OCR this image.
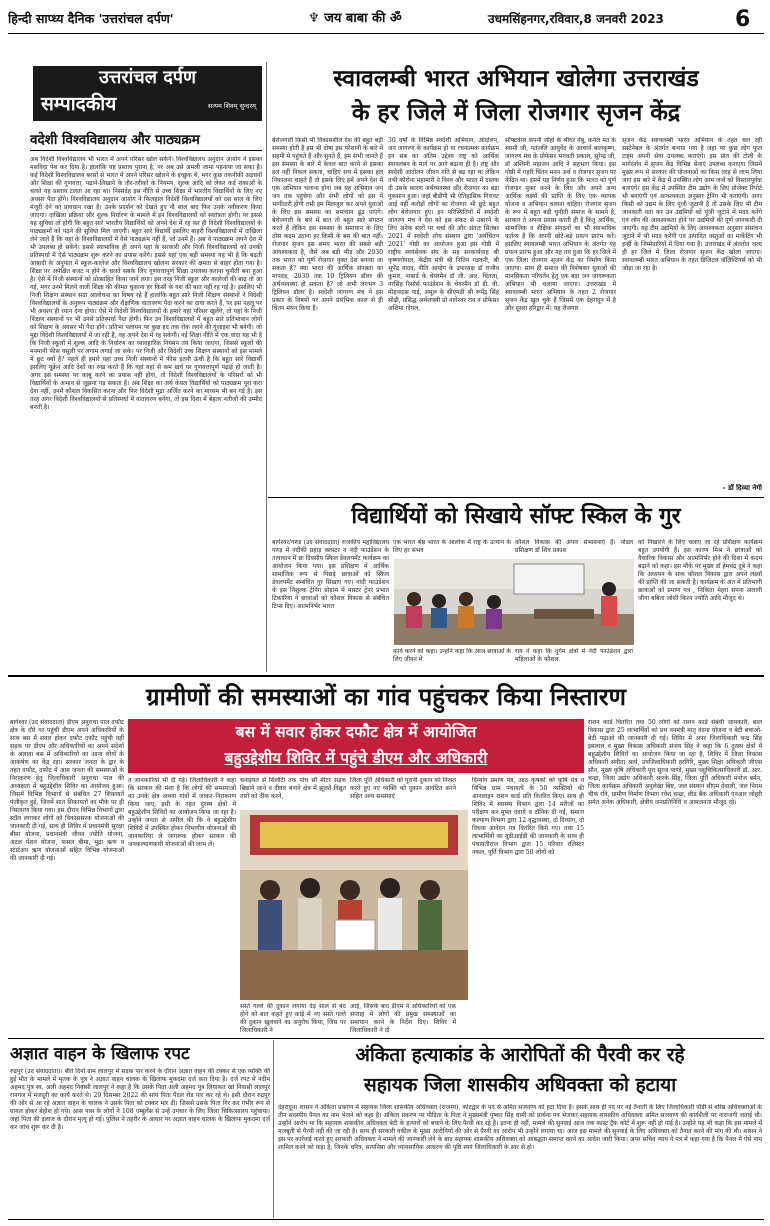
हिन्दी साप्ध्य दैनिक 'उत्तरांचल दर्पण'	♆ जय बाबा की ॐ	उधमसिंहनगर,रविवार,8 जनवरी 2023	6
उत्तरांचल दर्पण
सम्पादकीय	सत्यम शिवम् सुन्दरम्
वदेशी विश्वविद्यालय और पाठ्यक्रम
अब विदेशी विश्वविद्यालय भी भारत में अपने परिसर खोल सकेंगे। विश्वविद्यालय अनुदान आयोग ने इसका मसविदा पेश कर दिया है। हालांकि यह प्रस्ताव पुराना है, पर अब उसे अमली जामा पहनाया जा सका है। कई विदेशी विश्वविद्यालय बरसों से भारत में अपने परिसर खोलने के इच्छुक थे, मगर कुछ तकनीकी अड़चनों और शिक्षा की गुणवत्ता, पढ़ाने-लिखाने के तौर-तरीकों के नियमन, शुल्क आदि को लेकर कई शंकाओं के चलते यह प्रस्ताव टलता आ रहा था। निस्संदेह इस नीति से उच्च शिक्षा में भारतीय विद्यार्थियों के लिए नए अवसर पैदा होंगे। विश्वविद्यालय अनुदान आयोग ने फिलहाल विदेशी विश्वविद्यालयों को दस साल के लिए मंजूरी देने का प्रावधान रखा है। उनके प्रदर्शन को देखते हुए नौ साल बाद फिर उनके नवीकरण किया जाएगा। दाखिला प्रक्रिया और शुल्क निर्धारण के मामले में इन विश्वविद्यालयों को स्वतंत्रता होगी। पर इससे यह सुविधा तो होगी कि बहुत सारे भारतीय विद्यार्थियों को अपने देश में रह कर ही विदेशी विश्वविद्यालयों के पाठ्यक्रमों को पढ़ने की सुविधा मिल जाएगी। बहुत सारे विद्यार्थी इसलिए बाहरी विश्वविद्यालयों में दाखिला लेने जाते हैं कि वहां के विश्वविद्यालयों में वैसे पाठ्यक्रम नहीं हैं, जो उनमें हैं। अब वे पाठ्यक्रम अपने देश में भी उपलब्ध हो सकेंगे। इससे स्वाभाविक ही अपने यहां के सरकारी और निजी विश्वविद्यालयों को उनकी प्रतिस्पर्धा में ऐसे पाठ्यक्रम शुरू करने का प्रयास करेंगे। इससे यहां एक बड़ी समस्या यह भी है कि बढ़ती आबादी के अनुपात में स्कूल-कालेज और विश्वविद्यालय खोलना सरकार की क्षमता से बाहर होता गया है। शिक्षा पर अपेक्षित बजट न होने के चलते सबके लिए गुणवत्तापूर्ण शिक्षा उपलब्ध कराना चुनौती बना हुआ है। ऐसे में निजी संस्थानों को प्रोत्साहित किया जाने लगा। इस तरह निजी स्कूल और कालेजों की बाढ़ तो आ गई, मगर उनमें मिलने वाली शिक्षा की कीमत चुकाना हर किसी के वश की बात नहीं रह गई है। इसलिए भी निजी शिक्षण संस्थान सदा आलोचना का विषय रहे हैं हालांकि बहुत सारे निजी शिक्षण संस्थानों ने विदेशी विश्वविद्यालयों के अनुरूप पाठ्यक्रम और शैक्षणिक वातावरण पैदा करने का दावा करते हैं, पर इस पहलू पर भी अवश्य ही ध्यान देना होगा। ऐसे में विदेशी विश्वविद्यालयों के हमारे यहां परिसर खुलेंगे, तो यहां के निजी शिक्षण संस्थानों पर भी उनसे प्रतिस्पर्धा पैदा होगी। फिर उन विश्वविद्यालयों में बहुत सारे प्रतिभावान लोगों को शिक्षण के अवसर भी पैदा होंगे। प्रतिभा पलायन पर कुछ हद तक रोक लगने की गुंजाइश भी बनेगी। जो मुद्दा विदेशी विश्वविद्यालयों में जा रही है, वह अपने देश में रह सकेगी। नई शिक्षा नीति में एक वादा यह भी है कि निजी स्कूलों में शुल्क आदि के निर्धारण का व्यावहारिक नियमन तय किया जाएगा, जिससे स्कूलों की मनमानी फीस वसूली पर लगाम लगाई जा सके। पर निजी और विदेशी उच्च शिक्षण संस्थानों को इस मामले में छूट क्यों है? पहले ही हमारे यहां उच्च निजी संस्थानों में फीस इतनी ऊंची है कि बहुत सारे विद्यार्थी इसलिए यूक्रेन आदि देशों का रुख करते हैं कि वहां यहां से कम खर्च पर गुणवत्तापूर्ण पढ़ाई हो जाती है। अगर इस समस्या पर काबू करने का प्रयास नहीं होगा, तो विदेशी विश्वविद्यालयों के परिसरों को भी विद्यार्थियों के अभाव से जूझना पड़ सकता है। अब शिक्षा का अर्थ केवल विद्यार्थियों को पाठ्यक्रम पूरा करा देना नहीं, उनमें कौशल विकसित करना और फिर विदेशी मुद्रा अर्जित करने का माध्यम भी बन गई है। इस तरह अगर विदेशी विश्वविद्यालयों से प्रतिस्पर्धा में वातावरण बनेगा, तो इस दिशा में बेहतर नतीजों की उम्मीद बनती है।
स्वावलम्बी भारत अभियान खोलेगा उत्तराखंड
के हर जिले में जिला रोजगार सृजन केंद्र
बेरोजगारी किसी भी विकासशील देश की बहुत बड़ी समस्या होती है इस भी दोषा इस परेशानी के बारे में सहमी मे पहुंचते हैं और सुनते हैं, हम सभी जानते हैं इस समस्या के बारे में केवल बात करने से इसका हल नहीं निकल सकता, चाहिए सच में इसका हल निकालना चाहते हैं तो इसके लिए हमें अपने देश में एक अभियान चलाना होगा जब यह अभियान जन जन तक पहुंचेगा और सभी लोगों को इस में भागीदारी होगी तभी हम मिलजुल कर अपने युवाओं के लिए इस समस्या का समाधान ढूंढ पाएंगे। बेरोजगारी के बारे में बात तो बहुत सारे संगठन करते हैं लेकिन इस समस्या के समाधान के लिए ठोस कदम उठाना हर किसी के बस की बात नहीं। रोजगार सृजन इस समय भारत की सबसे बड़ी आवश्यकता है, जैसे अब बड़ी भीड़ और 2030 तक भारत को पूर्ण रोजगार युक्त देश बनाया जा सकता है? क्या भारत की आर्थिक संपन्नता का मापदंड, 2030 तक 10 ट्रिलियन डॉलर की अर्थव्यवस्था हो सकता है? जो अभी लगभग 3 ट्रिलियन डॉलर है। स्वदेशी जागरण मंच ने इस प्रकार के विषयों पर अपने प्रारंभिक काल से ही चिंतन मंथन किया है।
30 वर्षों के विभिन्न स्वदेशी अभियान, आंदोलन, जन जागरण के कार्यक्रम हो या रचनात्मक कार्यक्रम इन सब का अंतिम उद्देश्य राष्ट्र को आर्थिक स्वावलंबन के मार्ग पर आगे बढ़ाना ही है। राष्ट्र और स्वदेशी आंदोलन जीवन गति से बढ़ रहा था लेकिन तभी कोरोना महामारी ने विश्व और भारत में दस्तक दी उसके कारण अर्थव्यवस्था और रोजगार का बड़ा नुकसान हुआ। जहां बीडीपी भी ऐतिहासिक गिरावट आई वहीं करोड़ों लोगों का रोजगार भी छूटे बहुत लोग बेरोजगार हुए। इन परिस्थितियों में स्वदेशी जागरण मंच ने देश को इस संकट से उबारने के लिए अनेक स्तरों पर चर्चा की और अंततः सितंबर 2021 में स्वदेशी शोध संस्थान द्वारा 'अर्थचिंतन 2021' गोष्ठी का आयोजन हुआ इस गोष्ठी में राष्ट्रीय स्वयंसेवक संघ के सह सरकार्यवाह श्री कृष्णगोपाल, केंद्रीय मंत्री श्री नितिन गडकरी, श्री भूपेंद्र यादव, नीति आयोग के उपाध्यक्ष डॉ राजीव कुमार, नाबार्ड के चेयरमैन डॉ जी. आर. चिंतला, नरसिंह रिसोर्स फाउंडेशन के चेयरमैन डॉ डी. वी. मोहनदास पाई, अमूल के सीएमडी श्री रूपेंद्र सिंह सोढ़ी, प्रसिद्ध अर्थशास्त्री प्रो नागेश्वर राव व प्रोफेसर अशिमा गोयल,
सॉफ्टवेयर कंपनी जोहो के श्रीधर वेंबु, कर्नल मत के स्वामी जी, पतंजलि आयुर्वेद के आचार्य बालकृष्ण, जागरण मंच के प्रोफेसर भगवती प्रकाश, सुरेन्द्र जी, डॉ अश्विनी महाजन आदि ने सहभाग किया। इस गोष्ठी में गहरी चिंतन मनन अर्थ व रोजगार सृजन पर केंद्रित था। इसमें यह निर्णय हुआ कि भारत को पूर्ण रोजगार युक्त करने के लिए और अपने अन्य आर्थिक लक्ष्यों की प्राप्ति के लिए एक व्यापक योजना व अभियान चलाना चाहिए। रोजगार सृजन के रूप में बहुत बड़ी चुनौती समाज के सामने है, सरकार ते अपना प्रयास करती ही है किंतु आर्थिक, सामाजिक व शैक्षिक संगठनों का भी स्वाभाविक कर्तव्य है कि अपनी छोटे-बड़े प्रयत्न प्रारंभ करें। इसलिए स्वावलम्बी भारत अभियान के अंतर्गत यह प्रयत्न प्रारंभ हुआ और यह तय हुआ कि हर जिले में एक जिला रोजगार सृजन केंद्र का निर्माण किया जाएगा। साथ ही समाज की विशेषकर युवाओं की मानसिकता परिवर्तन हेतु एक बड़ा जन जागरूकता अभियान भी चलाया जाएगा। उत्तराखंड में स्वावलम्बी भारत अभियान के तहत 2 रोजगार सृजन केंद्र खुल चुके हैं जिसमें एक देहरादून में है और दूसरा हरिद्वार में। यह रोजगार
सृजन केंद्र स्वावलम्बी भारत अभियान के तहत चल रही सस्टेनेबल के अंतर्गत बनाया गया है जहां पर कुछ लोग फुल टाइम अपनी सेवा उपलब्ध कराएंगे। इस प्रांत की टोली के मार्गदर्शन में सृजन केंद्र विभिन्न सेवाएं उपलब्ध कराएगा जिसमें मुख्य रूप से सरकार की योजनाओं का किस तरह से लाभ लिया जाए इस बारे में केंद्र में उपस्थित लोग आम जनों को विस्तारपूर्वक बताएंगे। इस केंद्र में उपस्थित टीम उद्योग के लिए प्रोजेक्ट रिपोर्ट भी बनाएंगी एवं आवश्यकता अनुसार ट्रेनिंग भी कराएंगी। अगर किसी को उद्यम के लिए पूंजी जुटानी है तो उसके लिए भी टीम जानकारी पता कर उन उद्यमियों को पूंजी जुटाने में मदद करेंगे एवं लोन की आवश्यकता होने पर उद्यमियों की पूर्ण जानकारी दी जाएगी। यह टीम उद्यमियों के लिए आवश्यकता अनुसार संसाधन जुटाने में भी मदद करेंगी एवं उत्पादित वस्तुओं का मार्केटिंग भी इन्हीं के जिम्मेदारियों में दिया गया है। उत्तराखंड में अंततोत जल्द ही हर जिले में जिला रोजगार सृजन केंद्र खोला जाएगा। स्वावलम्बी भारत अभियान के तहत डिजिटल वॉलिन्टियर्स को भी जोड़ा जा रहा है।
- डॉ दिव्या नेगी
विद्यार्थियों को सिखाये सॉफ्ट स्किल के गुर
बागेश्वर/गरुड (उद संवाददाता) राजकीय महाविद्यालय गरुड़ में नंदीफी प्रहाड़ क्लस्टर व नंदी फाउंडेशन के तत्वाधान में छः दिवसीय स्किल डेवलपमेंट कार्यक्रम का आयोजन किया गया। इस प्रशिक्षण में आर्थिक सामाजिक रूप से पिछड़े छात्राओं को स्किल डेवलपमेंट सम्बंधित गुर सिखाए गए। नांदी फाउंडेशन के इस निशुल्क ट्रेनिंग प्रोग्राम में मास्टर ट्रेनर प्रभात टिकारिया ने छात्राओं को कौशल विकास से संबंधित टिप्स दिए। आत्मनिर्भर भारत
एक भारत श्रेष्ठ भारत के आलोक में राष्ट्र के उत्थान के लिए हर संभव
कार्य करने को कहा। उन्होंने कहा कि आज छात्राओं के लिए जीवन में
कौशल विकास की अपार संभावनाएं हैं। नोडल प्रशिक्षण डॉ शिव प्रकाश
राय ने कहा कि दुर्गम क्षेत्रों में नंदी फाउंडेशन द्वारा महिलाओं के कौशल
को निखारने के लिए चलाए जा रहे प्रशिक्षण कार्यक्रम बहुत उपयोगी हैं। इस कारण मिश्र ने छात्राओं को वैचारिक विकास और आत्मनिर्भर होने की दिशा में कदम बढ़ाने को कहा। इस मौके पर मुख्य डॉ हेमचंद्र दुबे ने कहा कि अध्ययन के साथ कौशल विकास द्वारा अपने लक्ष्यों की प्राप्ति की जा सकती है। कार्यक्रम के अंत में प्रतिभागी छात्राओं को प्रमाण पत्र , निकिता मेहरा सपना अलागी जीना बबिता जोशी किरन ज्योति आदि मौजूद थे।
ग्रामीणों की समस्याओं का गांव पहुंचकर किया निस्तारण
बागेश्वर (उद संवाददाता) डीएम अनुराधा पाल दफौट क्षेत्र के दौरे पर पहुंची डीएम अपने अधिकारियों के साथ बस में सवार होकर दफौट दफौट पहुंची वहीं सड़क पर डीएम और अधिकारियों का अपने संदेशों के अलावा बस में अधिकारियों का आना लोगों के आकर्षण का केंद्र रहा। सरकार जनता के द्वार के तहत दफौट, दफौट में आम जनता की समस्याओं के निराकरण हेतु जिलाधिकारी अनुराधा पाल की अध्यक्षता में बहुउद्देशीय शिविर का आयोजन हुआ। जिसमें विभिन्न विभागों से संबंधित 27 शिकायतें पंजीकृत हुई, जिनमें सात शिकायतों का मौके पर ही निस्तारण किया गया। इस दौरान विभिन्न विभागों द्वारा स्टॉल लगाकर लोगों को विकाससरक योजनाओं की जानकारी दी गई, साथ ही शिविर में प्रधानमंत्री सुरक्षा बीमा योजना, प्रधानमंत्री जीवन ज्योति योजना, अटल पेंशन योजना, फसल बीमा, मुद्रा ऋण व स्टार्टअप ऋण योजनाओं सहित विभिन्न योजनाओं की जानकारी दी गई।
बस में सवार होकर दफौट क्षेत्र में आयोजित
बहुउद्देशीय शिविर में पहुंचे डीएम और अधिकारी
त जानकारियां भी दी गई। जिलाधिकारी ने कहा कि सरकार की मंशा है कि लोगों की समस्याओं का उनके क्षेत्र अथवा गांवों में जाकर निराकरण किया जाए, इसी के तहत दुरस्थ क्षेत्रों में बहुउद्देशीय शिविरों का आयोजन किया जा रहा है। उन्होंने जनता से अपील की कि वे बहुउद्देशीय शिविरों में उपस्थित होकर विभागीय योजनाओं की जानकारियां ले जागरूक होकर सरकार की जनकल्याणकारी योजनाओं की लाभ लें।
चनाइयत से सिलौटी तक पांच सौ मीटर सड़क बिछाने जाने व दीवार बनाने क्षेत्र में झूलते विद्युत तारों को ठीक करने,
जिला पूर्ति अधिकारी को पूरानी दुकान को निरस्त करते हुए नए व्यक्ति को दुकान आवंटित करने सहित अन्य समस्याएं
सस्ते गल्ले की दुकान लगाया देड़ साल से बंद होने को बात कहते हुए कांड़े में नए सस्ते गल्ले की दुकान खुलवाने का अनुरोध किया, जिस पर जिलाधिकारी ने
आई, जिसके बाद डीएम ने अधिकारियों को एक सप्ताह में लोगों की प्रमुख समस्याओं का समाधान करने के निर्देश दिए। शिविर में जिलाधिकारी ने दो
दिव्यांग प्रमाण पत्र, आठ कृषकों को कृषि यंत्र व विभिन्न ग्राम पंचायतों के 50 व्यक्तियों की आनलाइन राशन कार्ड प्रति वितरित किए। साथ ही शिविर में स्वास्थ्य विभाग द्वारा 14 मरीजों का परीक्षण कर मुफ्त दवायें व टॉनिक दी गईं, समाज कल्याण विभाग द्वारा 12 वृद्धावस्था, दो दिव्यांग, दो विधवा आवेदन पत्र वितरित किये गए। तथा 15 लाभार्थियों का यूडीआईडी की जानकारी के साथ ही पंचायतीराज विभाग द्वारा 15 परिवार रजिस्टर नकल, पूर्ति विभाग द्वारा 50 लोगों को
राशन कार्ड वितरित तथा 50 लोगों को राशन कार्ड संबंधी जानकारी, बाल विकास द्वारा 25 लाभार्थियों को प्रथ ननमंत्री मातृ वंदना योजना व बेटी बचाओ-बेटी पढ़ाओ की जानकारी दी गई। शिविर में अपर जिलाधिकारी चन्द्र सिंह इमलाल व मुख्य विकास अधिकारी संजय सिंह ने कहा कि 6 दुरस्थ क्षेत्रों में बहुउद्देशीय शिविरों का आयोजन किया जा रहा है, शिविर में जिला विकास अधिकारी संगीता आर्य, उपजिलाधिकारी हरगिरि, मुख्य शिक्षा अधिकारी जीएस सौन, मुख्य कृषि अधिकारी पूरा सूरज पाण्डे, मुख्य पशुचिकित्साधिकारी डॉ. आर. चन्द्रा, जिला उद्योग अधिकारी आरके सिंह, जिला पूर्ति अधिकारी मनोज बर्मन, जिला कार्यक्रम अधिकारी अनुलेखा बिष्ट, जल संस्थान सीएम देवाली, जल निगम चीफ रवि, ग्रामीण निर्माण विभाग रवेश चन्द्रा, लीड बैंक अधिकारी एनआर जोहरी समेत अनेक अधिकारी, क्षेत्रीय जनप्रतिनिधि व आमजनता मौजूद रहे।
अज्ञात वाहन के खिलाफ रपट
रुद्रपुर (उद संवाददाता)। बीते दिनों ग्राम लालपुर में सड़क पार करने के दौरान अज्ञात वाहन की टक्कर से एक व्यक्ति की हुई मौत के मामले में मृतक के पुत्र ने अज्ञात वाहन चालक के खिलाफ मुकदमा दर्ज करा दिया है। दर्ज रपट में नदीम अहमद पुत्र स्व. अली अहमद निवासी लालपुर ने कहा है कि उसके पिता अली अहमद पुत्र लियाकत खां निवासी लालपुर रानगंज में मजदूरी का कार्य करते थे। 29 दिसम्बर 2022 की सांय पिता पैदल रोड पार कर रहे थे। इसी दौरान रुद्रपुर की ओर से आ रहे अज्ञात वाहन के चालक ने उसके पिता को टक्कर मार दी। जिससे उसके पिता गिर कर गंभीर रूप से घायल होकर बेहोश हो गये। आस पास के लोगों ने 108 एम्बुलेंस से उन्हें उपचार के लिए जिला चिकित्सालय पहुंचाया। जहां पिता की इलाज के दौरान मृत्यु हो गई। पुलिस ने तहरीर के आधार पर अज्ञात वाहन चालक के खिलाफ मुकदमा दर्ज कर जांच शुरू कर दी है।
अंकिता हत्याकांड के आरोपितों की पैरवी कर रहे
सहायक जिला शासकीय अधिवक्ता को हटाया
देहरादून। शासन ने अंकिता प्रकरण में सहायक जिला शासकीय अधिवक्ता (राजस्व), कोटद्वार के पद से अमित सजवाण को हटा दिया है। इसके साथ ही पद पर नई तैनाती के लिए जिलाधिकारी पौड़ी से वरिष्ठ अधिवक्ताओं के तीन सदस्यीय पैनल का नाम भेजने को कहा है। अंकिता प्रकरण पर पीड़िता के पिता ने मुख्यमंत्री पुष्कर सिंह धामी को प्रार्थना पत्र भेजकर सहायक शासकीय अधिवक्ता अमित सजवाण की कार्यशैली पर नाराजगी जताई थी। उन्होंने आरोप था कि सहायक शासकीय अधिवक्ता बेटी के हत्यारों को बचाने के लिए पैरवी कर रहे हैं। इतना ही नहीं, मामले की सुनवाई आज तक फास्ट ट्रैक कोर्ट में शुरू नहीं हो पाई है। उन्होंने यह भी कहा कि इस मामले में मजबूती से पैरवी नहीं की जा रही है। साथ ही सरकारी वकील के मुख्य आरोपियों की ओर से पैरवी का आरोप भी उन्होंने लगाया था। आज इस मामले की सुनवाई के लिए अधिवक्ता को तैनात करने की मांग की थी। शासन ने इस पर कार्रवाई करते हुए सरकारी अधिवक्ता ने मामले की जानकारी लेने के बाद सहायक शासकीय अधिवक्ता को आबद्धता समाप्त करने का आदेश जारी किया। अपर सचिव न्याय ने पत्र में कहा गया है कि पैनल में ऐसे नाम शामिल करने को कहा है, जिनके चरित्र, सत्यनिष्ठा और व्यावसायिक आचरण की पुष्टि स्वयं जिलाधिकारी के स्तर से हो।
